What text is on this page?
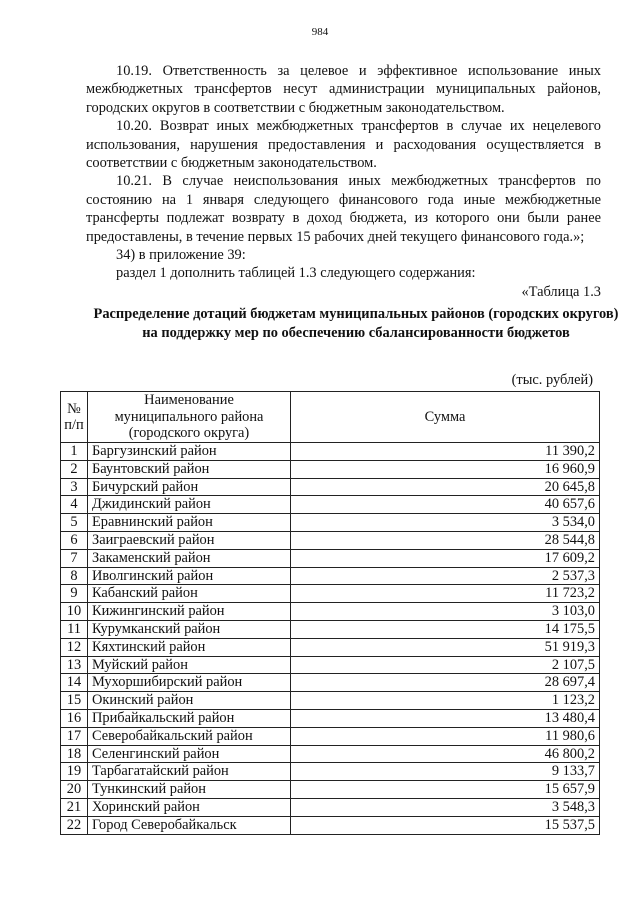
984

10.19. Ответственность за целевое и эффективное использование иных межбюджетных трансфертов несут администрации муниципальных районов, городских округов в соответствии с бюджетным законодательством.

10.20. Возврат иных межбюджетных трансфертов в случае их нецелевого использования, нарушения предоставления и расходования осуществляется в соответствии с бюджетным законодательством.

10.21. В случае неиспользования иных межбюджетных трансфертов по состоянию на 1 января следующего финансового года иные межбюджетные трансферты подлежат возврату в доход бюджета, из которого они были ранее предоставлены, в течение первых 15 рабочих дней текущего финансового года.»;

34) в приложение 39:

раздел 1 дополнить таблицей 1.3 следующего содержания:

«Таблица 1.3

Распределение дотаций бюджетам муниципальных районов (городских округов) на поддержку мер по обеспечению сбалансированности бюджетов

(тыс. рублей)
№ п/п	Наименование муниципального района (городского округа)	Сумма
1	Баргузинский район	11 390,2
2	Баунтовский район	16 960,9
3	Бичурский район	20 645,8
4	Джидинский район	40 657,6
5	Еравнинский район	3 534,0
6	Заиграевский район	28 544,8
7	Закаменский район	17 609,2
8	Иволгинский район	2 537,3
9	Кабанский район	11 723,2
10	Кижингинский район	3 103,0
11	Курумканский район	14 175,5
12	Кяхтинский район	51 919,3
13	Муйский район	2 107,5
14	Мухоршибирский район	28 697,4
15	Окинский район	1 123,2
16	Прибайкальский район	13 480,4
17	Северобайкальский район	11 980,6
18	Селенгинский район	46 800,2
19	Тарбагатайский район	9 133,7
20	Тункинский район	15 657,9
21	Хоринский район	3 548,3
22	Город Северобайкальск	15 537,5
